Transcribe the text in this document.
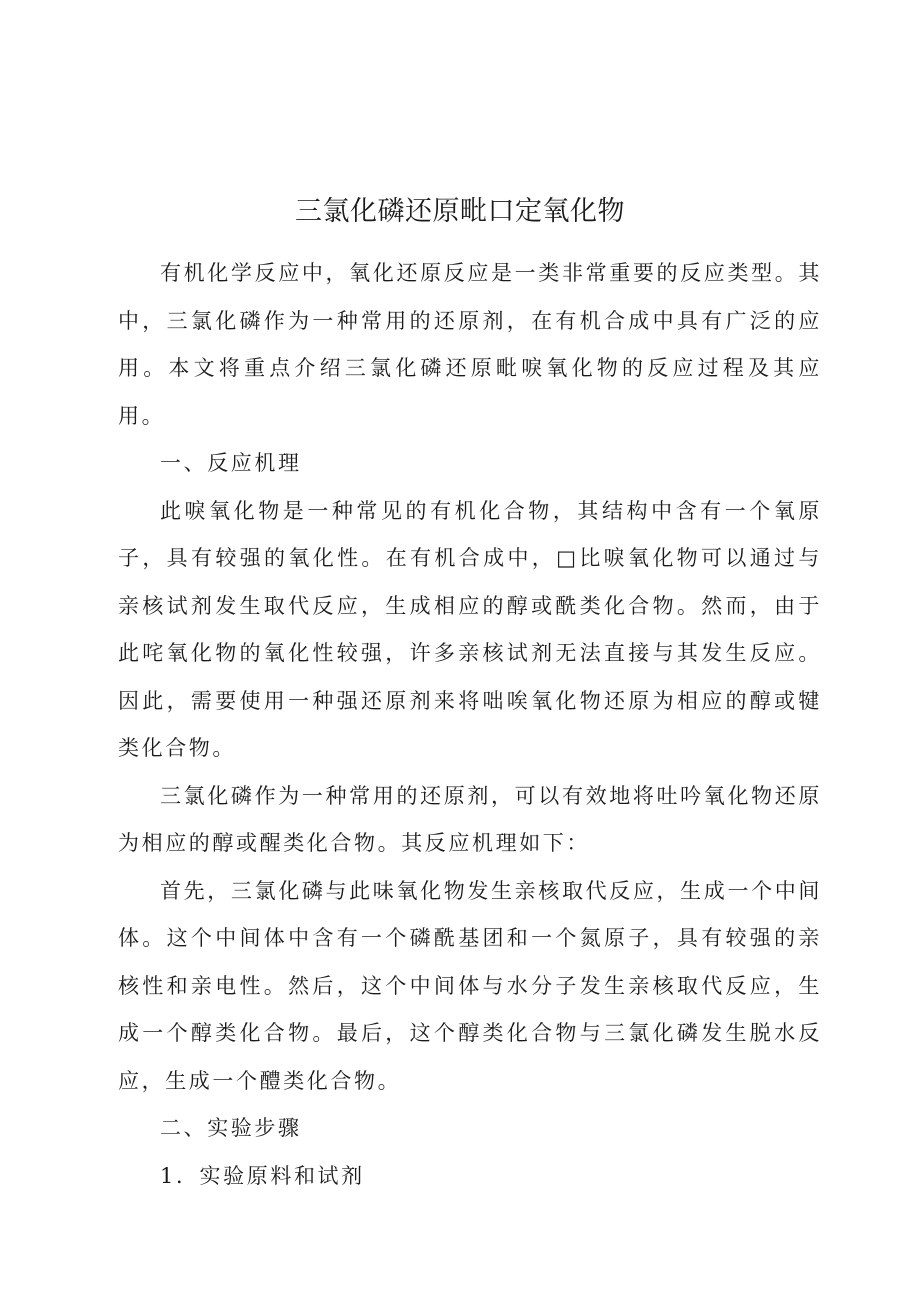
三氯化磷还原毗口定氧化物

有机化学反应中，氧化还原反应是一类非常重要的反应类型。其中，三氯化磷作为一种常用的还原剂，在有机合成中具有广泛的应用。本文将重点介绍三氯化磷还原毗唳氧化物的反应过程及其应用。

一、反应机理

此唳氧化物是一种常见的有机化合物，其结构中含有一个氧原子，具有较强的氧化性。在有机合成中，□比唳氧化物可以通过与亲核试剂发生取代反应，生成相应的醇或酰类化合物。然而，由于此咤氧化物的氧化性较强，许多亲核试剂无法直接与其发生反应。因此，需要使用一种强还原剂来将咄唉氧化物还原为相应的醇或犍类化合物。

三氯化磷作为一种常用的还原剂，可以有效地将吐吟氧化物还原为相应的醇或醒类化合物。其反应机理如下：

首先，三氯化磷与此味氧化物发生亲核取代反应，生成一个中间体。这个中间体中含有一个磷酰基团和一个氮原子，具有较强的亲核性和亲电性。然后，这个中间体与水分子发生亲核取代反应，生成一个醇类化合物。最后，这个醇类化合物与三氯化磷发生脱水反应，生成一个醴类化合物。

二、实验步骤

1．实验原料和试剂
